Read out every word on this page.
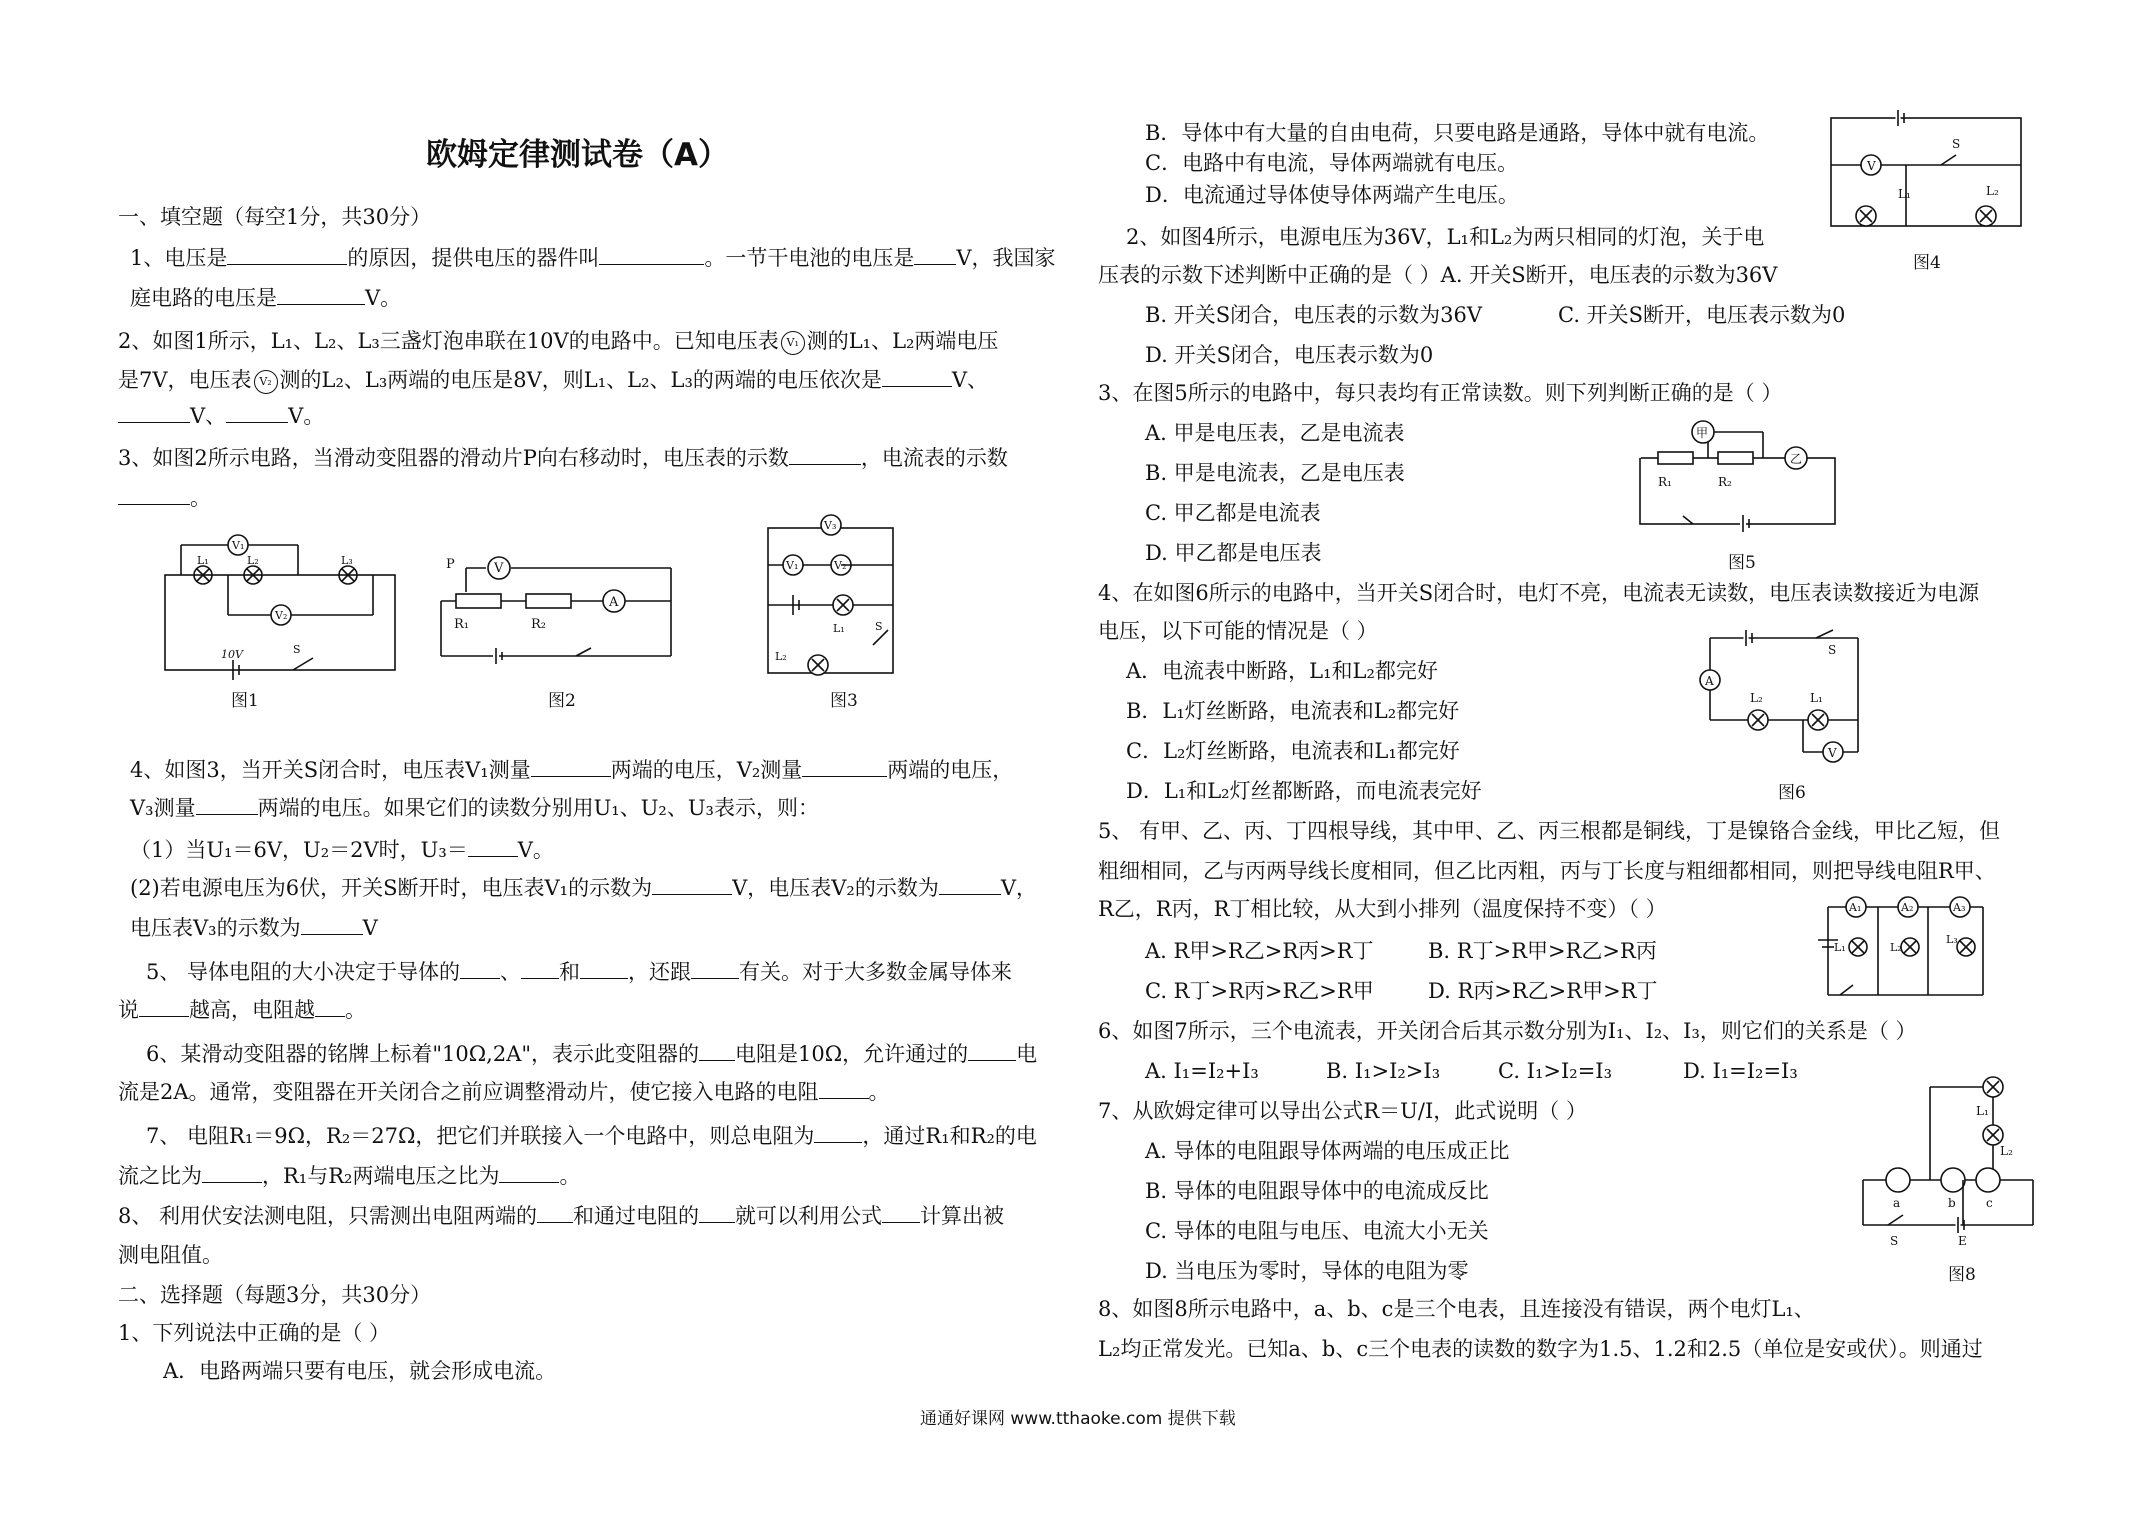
欧姆定律测试卷（A）
一、填空题（每空1分，共30分）
1、电压是	的原因，提供电压的器件叫	。一节干电池的电压是 V，我国家
庭电路的电压是	V。
2、如图1所示，L₁、L₂、L₃三盏灯泡串联在10V的电路中。已知电压表 V₁ 测的L₁、L₂两端电压
是7V，电压表 V₂ 测的L₂、L₃两端的电压是8V，则L₁、L₂、L₃的两端的电压依次是	V、
V、	V。
3、如图2所示电路，当滑动变阻器的滑动片P向右移动时，电压表的示数	，电流表的示数
。
V₁
V₂
L₁	L₂	L₃
10V	S
图1
P	V
A
R₁	R₂
图2
V₃
V₁	V₂
L₁	S
L₂
图3
4、如图3，当开关S闭合时，电压表V₁测量	两端的电压，V₂测量	两端的电压，
V₃测量	两端的电压。如果它们的读数分别用U₁、U₂、U₃表示，则：
（1）当U₁＝6V，U₂＝2V时，U₃＝ V。
(2)若电源电压为6伏，开关S断开时，电压表V₁的示数为	V，电压表V₂的示数为	V，
电压表V₃的示数为	V
5、 导体电阻的大小决定于导体的 、 和 ，还跟 有关。对于大多数金属导体来
说 越高，电阻越 。
6、某滑动变阻器的铭牌上标着"10Ω,2A"，表示此变阻器的 电阻是10Ω，允许通过的 电
流是2A。通常，变阻器在开关闭合之前应调整滑动片，使它接入电路的电阻 。
7、 电阻R₁＝9Ω，R₂＝27Ω，把它们并联接入一个电路中，则总电阻为 ，通过R₁和R₂的电
流之比为	，R₁与R₂两端电压之比为	。
8、 利用伏安法测电阻，只需测出电阻两端的 和通过电阻的 就可以利用公式 计算出被
测电阻值。
二、选择题（每题3分，共30分）
1、下列说法中正确的是（ ）
A．电路两端只要有电压，就会形成电流。
B．导体中有大量的自由电荷，只要电路是通路，导体中就有电流。
C．电路中有电流，导体两端就有电压。
D．电流通过导体使导体两端产生电压。
V
S
L₁	L₂
图4
2、如图4所示，电源电压为36V，L₁和L₂为两只相同的灯泡，关于电
压表的示数下述判断中正确的是（ ）A. 开关S断开，电压表的示数为36V
B. 开关S闭合，电压表的示数为36V	C. 开关S断开，电压表示数为0
D. 开关S闭合，电压表示数为0
3、在图5所示的电路中，每只表均有正常读数。则下列判断正确的是（ ）
A. 甲是电压表，乙是电流表
B. 甲是电流表，乙是电压表
C. 甲乙都是电流表
D. 甲乙都是电压表
甲
乙
R₁	R₂
图5
4、在如图6所示的电路中，当开关S闭合时，电灯不亮，电流表无读数，电压表读数接近为电源
电压，以下可能的情况是（ ）
A．电流表中断路，L₁和L₂都完好
B．L₁灯丝断路，电流表和L₂都完好
C．L₂灯丝断路，电流表和L₁都完好
D．L₁和L₂灯丝都断路，而电流表完好
A
V
S
L₂	L₁
图6
5、 有甲、乙、丙、丁四根导线，其中甲、乙、丙三根都是铜线，丁是镍铬合金线，甲比乙短，但
粗细相同，乙与丙两导线长度相同，但乙比丙粗，丙与丁长度与粗细都相同，则把导线电阻R甲、
R乙，R丙，R丁相比较，从大到小排列（温度保持不变）（ ）
A. R甲>R乙>R丙>R丁	B. R丁>R甲>R乙>R丙
C. R丁>R丙>R乙>R甲	D. R丙>R乙>R甲>R丁
A₁	A₂	A₃
L₁	L₂
L₃
6、如图7所示，三个电流表，开关闭合后其示数分别为I₁、I₂、I₃，则它们的关系是（ ）
A. I₁=I₂+I₃	B. I₁>I₂>I₃	C. I₁>I₂=I₃	D. I₁=I₂=I₃
7、从欧姆定律可以导出公式R＝U/I，此式说明（ ）
A. 导体的电阻跟导体两端的电压成正比
B. 导体的电阻跟导体中的电流成反比
C. 导体的电阻与电压、电流大小无关
D. 当电压为零时，导体的电阻为零
L₁
L₂
a	b	c
S	E
图8
8、如图8所示电路中，a、b、c是三个电表，且连接没有错误，两个电灯L₁、
L₂均正常发光。已知a、b、c三个电表的读数的数字为1.5、1.2和2.5（单位是安或伏）。则通过
通通好课网 www.tthaoke.com 提供下载
